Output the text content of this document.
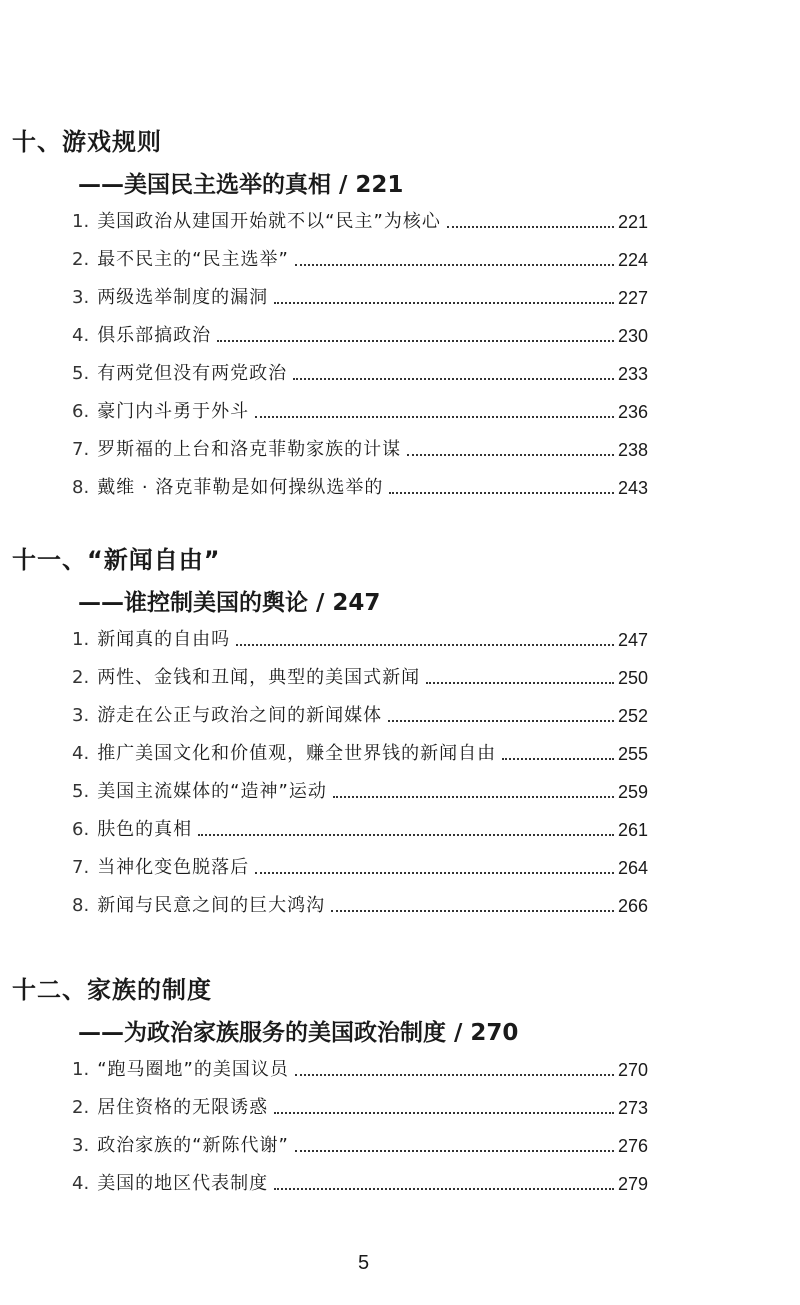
十、游戏规则
——美国民主选举的真相 / 221
1. 美国政治从建国开始就不以“民主”为核心	221
2. 最不民主的“民主选举”	224
3. 两级选举制度的漏洞	227
4. 俱乐部搞政治	230
5. 有两党但没有两党政治	233
6. 豪门内斗勇于外斗	236
7. 罗斯福的上台和洛克菲勒家族的计谋	238
8. 戴维 · 洛克菲勒是如何操纵选举的	243
十一、“新闻自由”
——谁控制美国的舆论 / 247
1. 新闻真的自由吗	247
2. 两性、金钱和丑闻，典型的美国式新闻	250
3. 游走在公正与政治之间的新闻媒体	252
4. 推广美国文化和价值观，赚全世界钱的新闻自由	255
5. 美国主流媒体的“造神”运动	259
6. 肤色的真相	261
7. 当神化变色脱落后	264
8. 新闻与民意之间的巨大鸿沟	266
十二、家族的制度
——为政治家族服务的美国政治制度 / 270
1. “跑马圈地”的美国议员	270
2. 居住资格的无限诱惑	273
3. 政治家族的“新陈代谢”	276
4. 美国的地区代表制度	279
5
